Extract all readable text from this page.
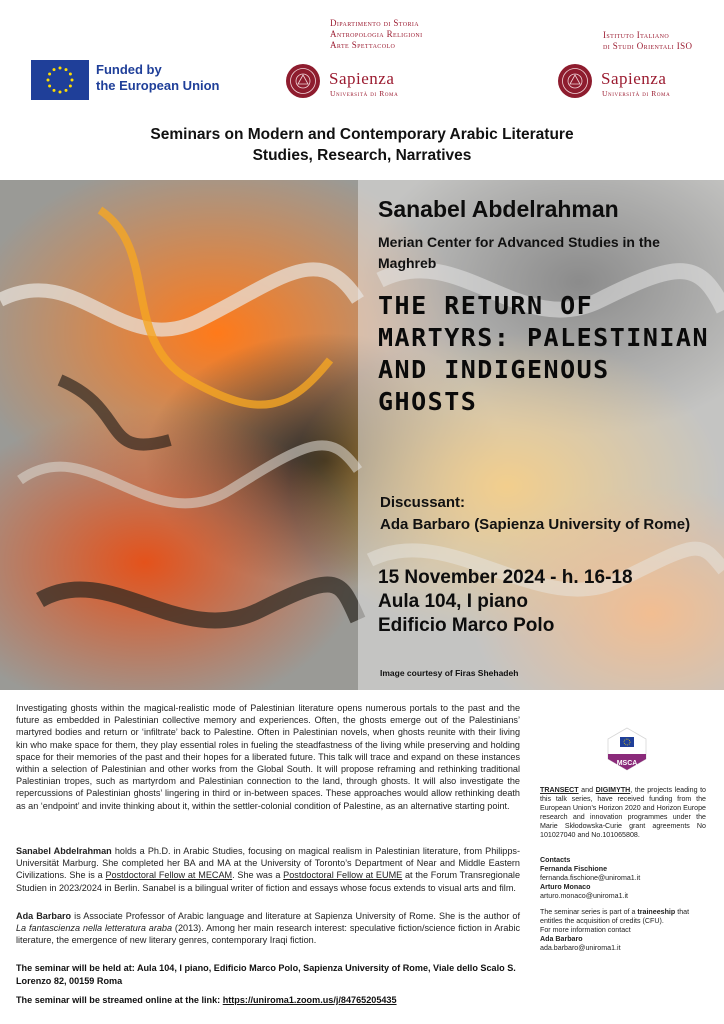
Funded by
the European Union
Dipartimento di Storia
Antropologia Religioni
Arte Spettacolo
Sapienza
Università di Roma
Istituto Italiano
di Studi Orientali ISO
Sapienza
Università di Roma
Seminars on Modern and Contemporary Arabic Literature
Studies, Research, Narratives
Sanabel Abdelrahman
Merian Center for Advanced Studies in the Maghreb
THE RETURN OF MARTYRS: PALESTINIAN AND INDIGENOUS GHOSTS
Discussant:
Ada Barbaro (Sapienza University of Rome)
15 November 2024 - h. 16-18
Aula 104, I piano
Edificio Marco Polo
Image courtesy of Firas Shehadeh

Investigating ghosts within the magical-realistic mode of Palestinian literature opens numerous portals to the past and the future as embedded in Palestinian collective memory and experiences. Often, the ghosts emerge out of the Palestinians’ martyred bodies and return or ‘infiltrate’ back to Palestine. Often in Palestinian novels, when ghosts reunite with their living kin who make space for them, they play essential roles in fueling the steadfastness of the living while preserving and holding space for their memories of the past and their hopes for a liberated future. This talk will trace and expand on these instances within a selection of Palestinian and other works from the Global South. It will propose reframing and rethinking traditional Palestinian tropes, such as martyrdom and Palestinian connection to the land, through ghosts. It will also investigate the repercussions of Palestinian ghosts’ lingering in third or in-between spaces. These approaches would allow rethinking death as an ‘endpoint’ and invite thinking about it, within the settler-colonial condition of Palestine, as an alternative starting point.

Sanabel Abdelrahman holds a Ph.D. in Arabic Studies, focusing on magical realism in Palestinian literature, from Philipps-Universität Marburg. She completed her BA and MA at the University of Toronto’s Department of Near and Middle Eastern Civilizations. She is a Postdoctoral Fellow at MECAM. She was a Postdoctoral Fellow at EUME at the Forum Transregionale Studien in 2023/2024 in Berlin. Sanabel is a bilingual writer of fiction and essays whose focus extends to visual arts and film.

Ada Barbaro is Associate Professor of Arabic language and literature at Sapienza University of Rome. She is the author of La fantascienza nella letteratura araba (2013). Among her main research interest: speculative fiction/science fiction in Arabic literature, the emergence of new literary genres, contemporary Iraqi fiction.

The seminar will be held at: Aula 104, I piano, Edificio Marco Polo, Sapienza University of Rome, Viale dello Scalo S. Lorenzo 82, 00159 Roma

The seminar will be streamed online at the link: https://uniroma1.zoom.us/j/84765205435

MSCA

TRANSECT and DIGIMYTH, the projects leading to this talk series, have received funding from the European Union’s Horizon 2020 and Horizon Europe research and innovation programmes under the Marie Skłodowska-Curie grant agreements No 101027040 and No.101065808.

Contacts
Fernanda Fischione
fernanda.fischione@uniroma1.it
Arturo Monaco
arturo.monaco@uniroma1.it
The seminar series is part of a traineeship that entitles the acquisition of credits (CFU).
For more information contact
Ada Barbaro
ada.barbaro@uniroma1.it
